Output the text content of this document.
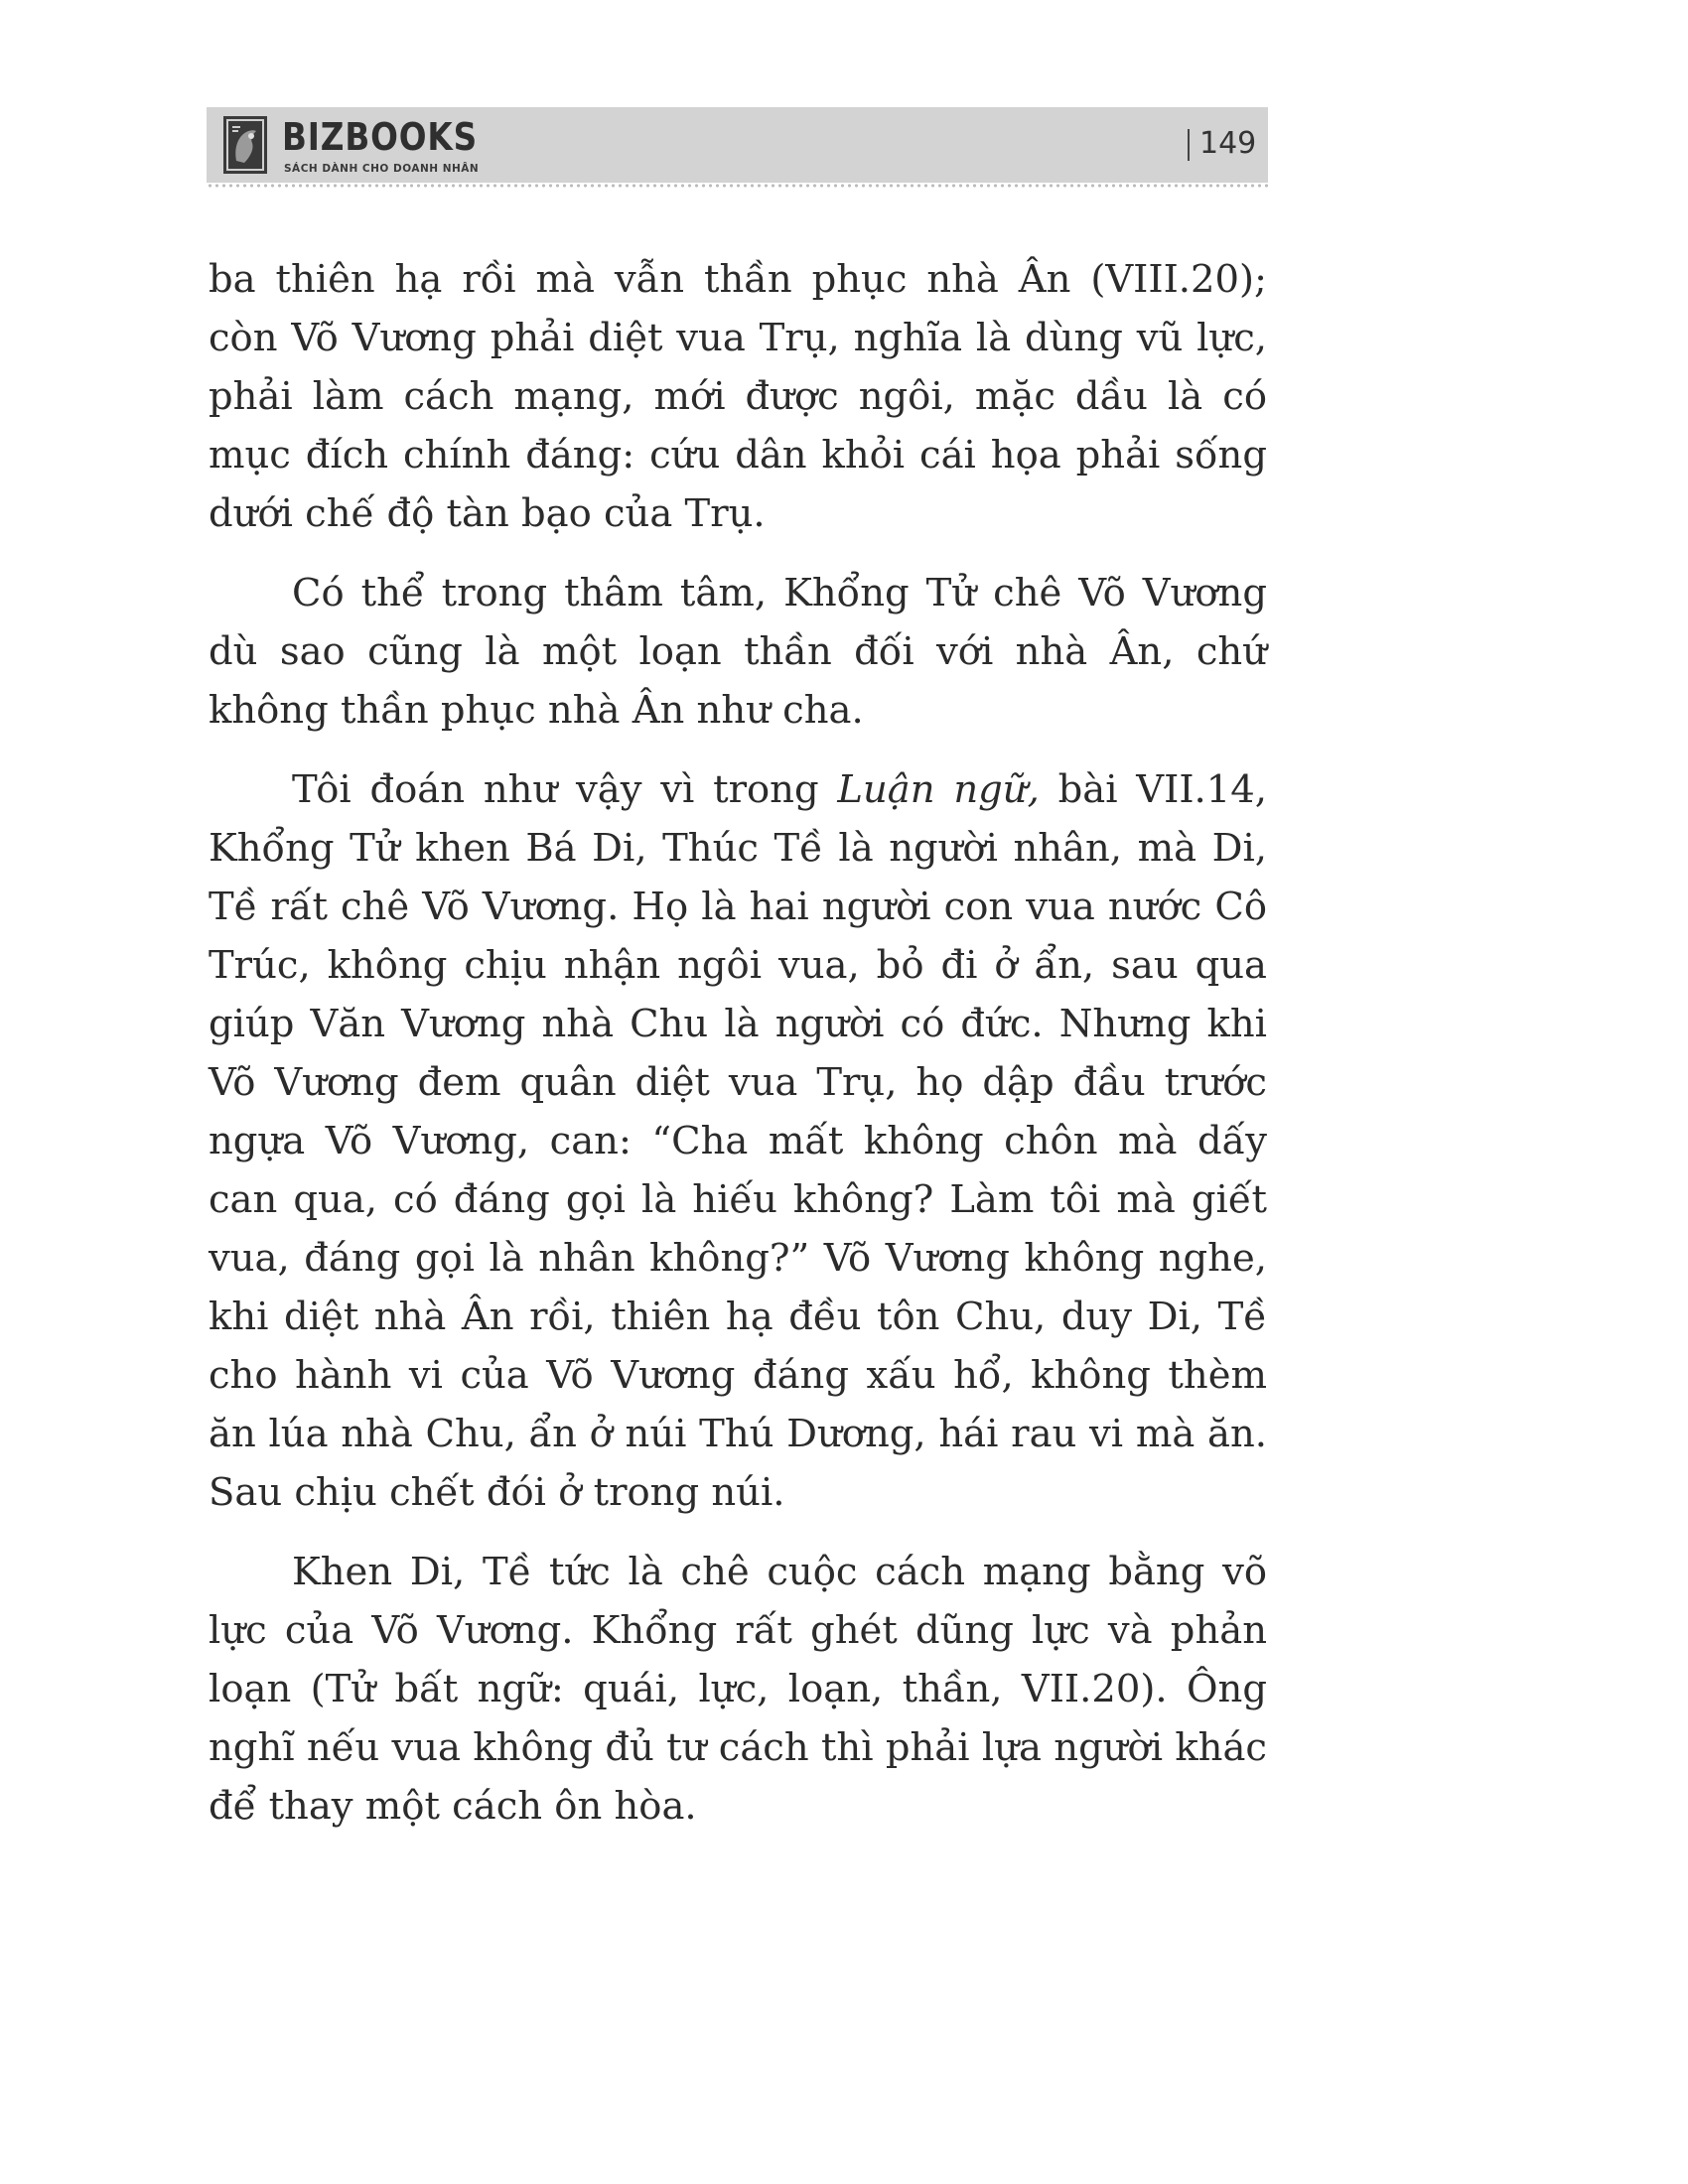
BIZBOOKS
SÁCH DÀNH CHO DOANH NHÂN
149

ba thiên hạ rồi mà vẫn thần phục nhà Ân (VIII.20); còn Võ Vương phải diệt vua Trụ, nghĩa là dùng vũ lực, phải làm cách mạng, mới được ngôi, mặc dầu là có mục đích chính đáng: cứu dân khỏi cái họa phải sống dưới chế độ tàn bạo của Trụ.

Có thể trong thâm tâm, Khổng Tử chê Võ Vương dù sao cũng là một loạn thần đối với nhà Ân, chứ không thần phục nhà Ân như cha.

Tôi đoán như vậy vì trong Luận ngữ, bài VII.14, Khổng Tử khen Bá Di, Thúc Tề là người nhân, mà Di, Tề rất chê Võ Vương. Họ là hai người con vua nước Cô Trúc, không chịu nhận ngôi vua, bỏ đi ở ẩn, sau qua giúp Văn Vương nhà Chu là người có đức. Nhưng khi Võ Vương đem quân diệt vua Trụ, họ dập đầu trước ngựa Võ Vương, can: “Cha mất không chôn mà dấy can qua, có đáng gọi là hiếu không? Làm tôi mà giết vua, đáng gọi là nhân không?” Võ Vương không nghe, khi diệt nhà Ân rồi, thiên hạ đều tôn Chu, duy Di, Tề cho hành vi của Võ Vương đáng xấu hổ, không thèm ăn lúa nhà Chu, ẩn ở núi Thú Dương, hái rau vi mà ăn. Sau chịu chết đói ở trong núi.

Khen Di, Tề tức là chê cuộc cách mạng bằng võ lực của Võ Vương. Khổng rất ghét dũng lực và phản loạn (Tử bất ngữ: quái, lực, loạn, thần, VII.20). Ông nghĩ nếu vua không đủ tư cách thì phải lựa người khác để thay một cách ôn hòa.
